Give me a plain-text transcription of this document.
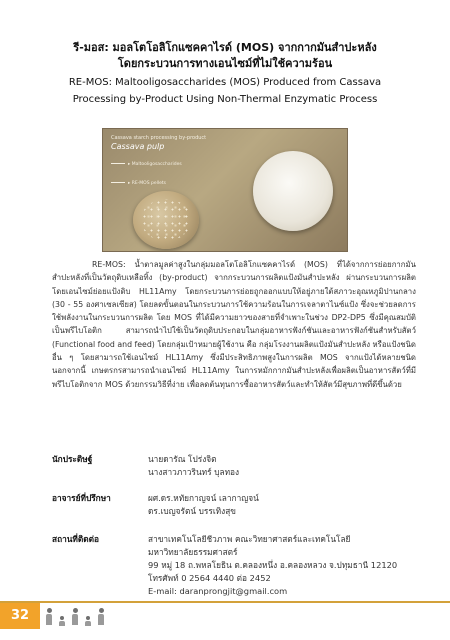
รี-มอส: มอลโตโอลิโกแซคคาไรด์ (MOS) จากกากมันสำปะหลัง
โดยกระบวนการทางเอนไซม์ที่ไม่ใช้ความร้อน
RE-MOS: Maltooligosaccharides (MOS) Produced from Cassava
Processing by-Product Using Non-Thermal Enzymatic Process
Cassava starch processing by-product
Cassava pulp
▸ Maltooligosaccharides
▸ RE-MOS pellets

RE-MOS: น้ำตาลมูลค่าสูงในกลุ่มมอลโตโอลิโกแซคคาไรด์ (MOS) ที่ได้จากการย่อยกากมันสำปะหลังที่เป็นวัตถุดิบเหลือทิ้ง (by-product) จากกระบวนการผลิตแป้งมันสำปะหลัง ผ่านกระบวนการผลิตโดยเอนไซม์ย่อยแป้งดิบ HL11Amy โดยกระบวนการย่อยถูกออกแบบให้อยู่ภายใต้สภาวะอุณหภูมิปานกลาง (30 - 55 องศาเซลเซียส) โดยลดขั้นตอนในกระบวนการใช้ความร้อนในการเจลาตาไนซ์แป้ง ซึ่งจะช่วยลดการใช้พลังงานในกระบวนการผลิต โดย MOS ที่ได้มีความยาวของสายที่จำเพาะในช่วง DP2-DP5 ซึ่งมีคุณสมบัติเป็นพรีไบโอติก สามารถนำไปใช้เป็นวัตถุดิบประกอบในกลุ่มอาหารฟังก์ชันและอาหารฟังก์ชันสำหรับสัตว์ (Functional food and feed) โดยกลุ่มเป้าหมายผู้ใช้งาน คือ กลุ่มโรงงานผลิตแป้งมันสำปะหลัง หรือแป้งชนิดอื่น ๆ โดยสามารถใช้เอนไซม์ HL11Amy ซึ่งมีประสิทธิภาพสูงในการผลิต MOS จากแป้งได้หลายชนิด นอกจากนี้ เกษตรกรสามารถนำเอนไซม์ HL11Amy ในการหมักกากมันสำปะหลังเพื่อผลิตเป็นอาหารสัตว์ที่มีพรีไบโอติกจาก MOS ด้วยกรรมวิธีที่ง่าย เพื่อลดต้นทุนการซื้ออาหารสัตว์และทำให้สัตว์มีสุขภาพที่ดีขึ้นด้วย

นักประดิษฐ์	นายดารัณ โปร่งจิต
นางสาวภาวรินทร์ บุลทอง
อาจารย์ที่ปรึกษา	ผศ.ดร.หทัยกาญจน์ เลากาญจน์
ดร.เบญจรัตน์ บรรเทิงสุข
สถานที่ติดต่อ	สาขาเทคโนโลยีชีวภาพ คณะวิทยาศาสตร์และเทคโนโลยี
มหาวิทยาลัยธรรมศาสตร์
99 หมู่ 18 ถ.พหลโยธิน ต.คลองหนึ่ง อ.คลองหลวง จ.ปทุมธานี 12120
โทรศัพท์ 0 2564 4440 ต่อ 2452
E-mail: daranprongjit@gmail.com
32
